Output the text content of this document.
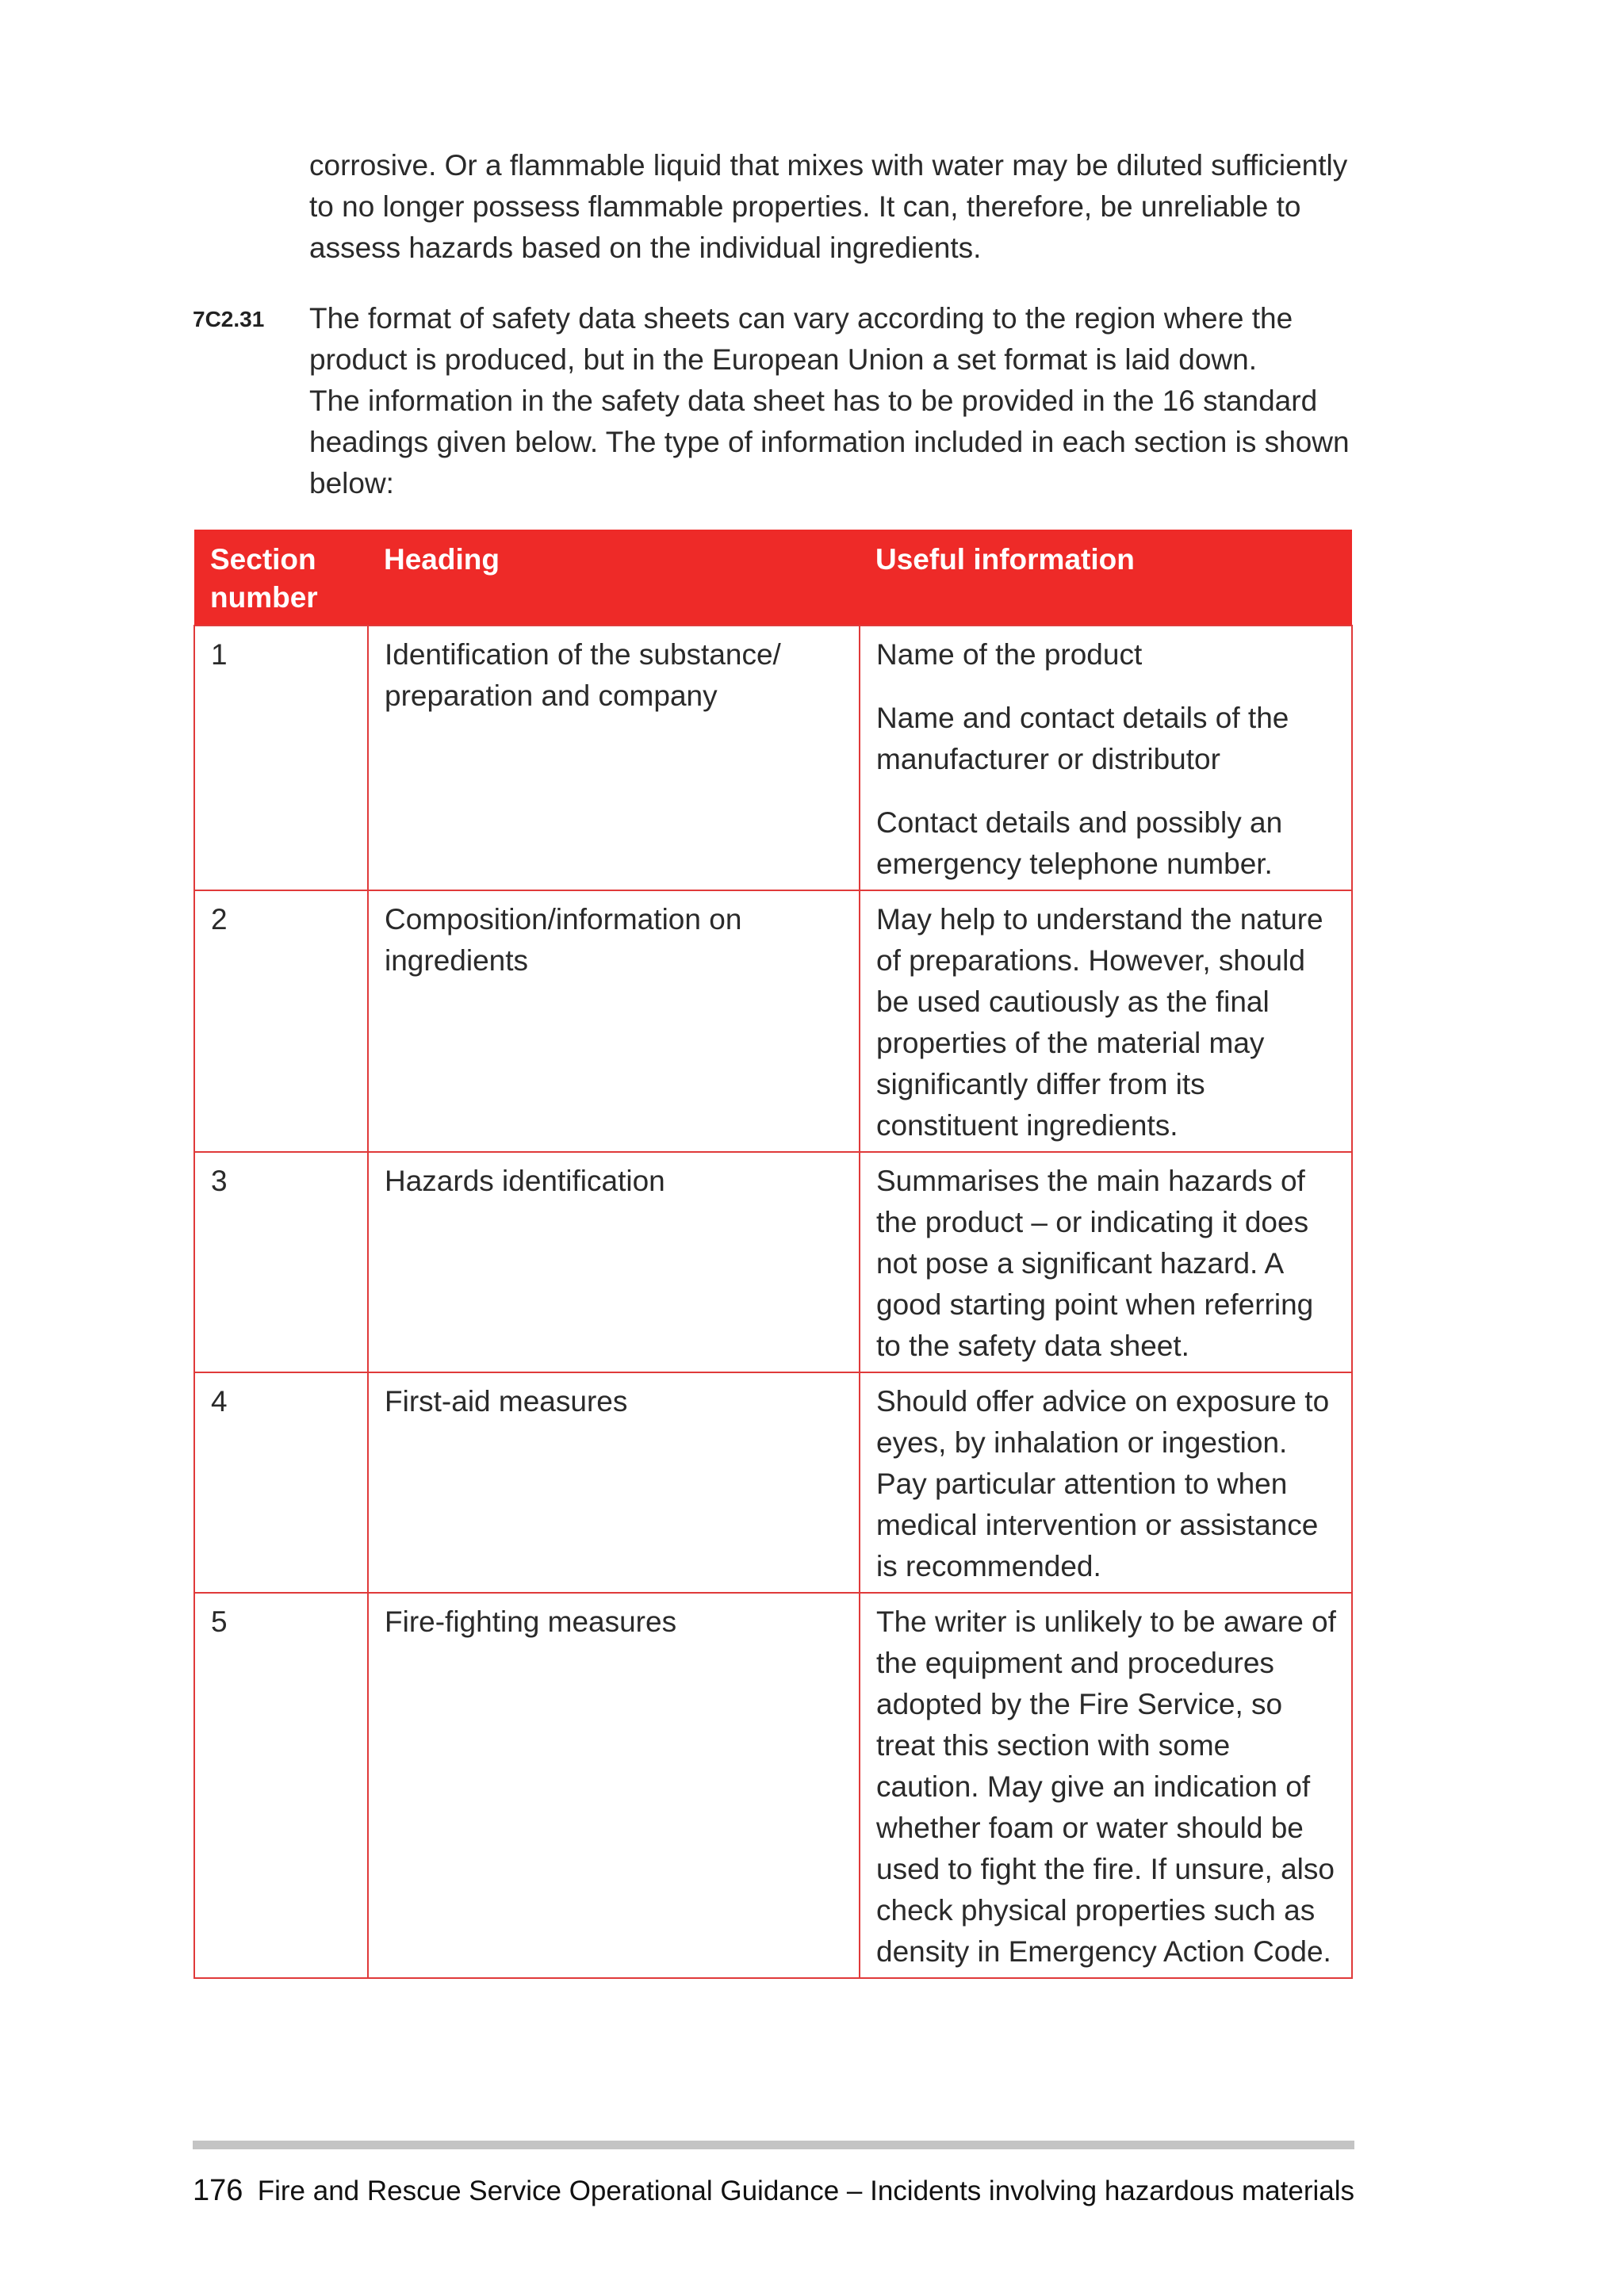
corrosive. Or a flammable liquid that mixes with water may be diluted sufficiently to no longer possess flammable properties. It can, therefore, be unreliable to assess hazards based on the individual ingredients.

7C2.31 The format of safety data sheets can vary according to the region where the product is produced, but in the European Union a set format is laid down.
The information in the safety data sheet has to be provided in the 16 standard headings given below. The type of information included in each section is shown below:
Section number	Heading	Useful information
1	Identification of the substance/ preparation and company	Name of the product

Name and contact details of the manufacturer or distributor

Contact details and possibly an emergency telephone number.

2	Composition/information on ingredients	May help to understand the nature of preparations. However, should be used cautiously as the final properties of the material may significantly differ from its constituent ingredients.

3	Hazards identification	Summarises the main hazards of the product – or indicating it does not pose a significant hazard. A good starting point when referring to the safety data sheet.

4	First-aid measures	Should offer advice on exposure to eyes, by inhalation or ingestion. Pay particular attention to when medical intervention or assistance is recommended.

5	Fire-fighting measures	The writer is unlikely to be aware of the equipment and procedures adopted by the Fire Service, so treat this section with some caution. May give an indication of whether foam or water should be used to fight the fire. If unsure, also check physical properties such as density in Emergency Action Code.

176 Fire and Rescue Service Operational Guidance – Incidents involving hazardous materials
